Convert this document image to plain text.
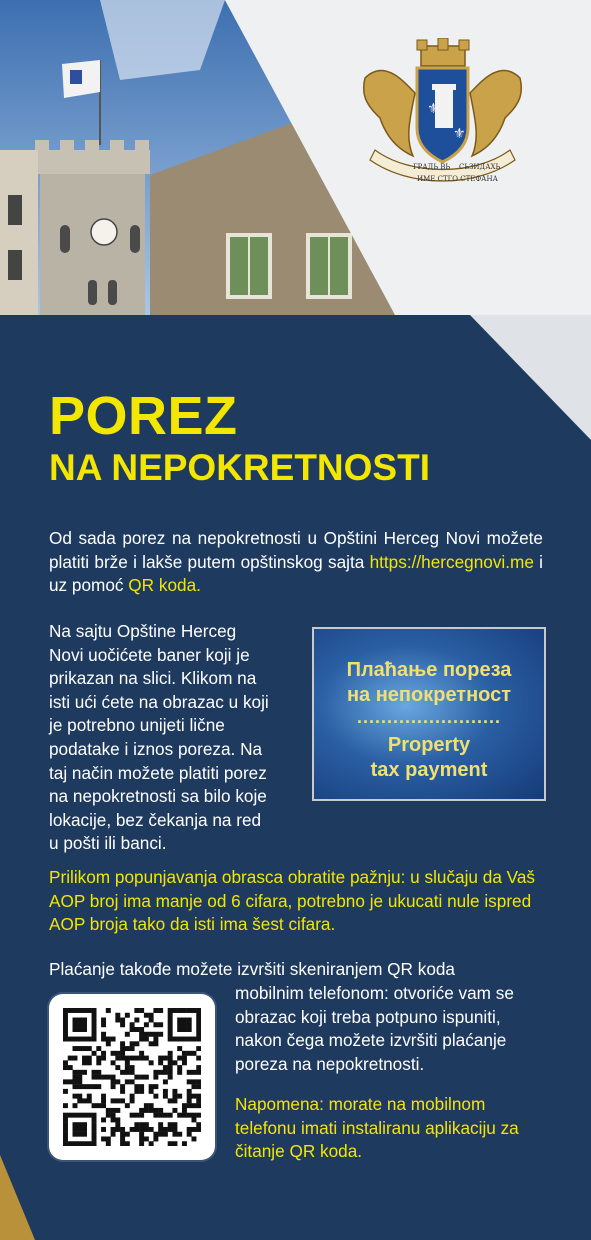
⚜
⚜
ГРАДЬ ВЬ СЬЗИДАХЬ
ИМЕ СТГО СТЕФАНА
POREZ
NA NEPOKRETNOSTI
Od sada porez na nepokretnosti u Opštini Herceg Novi možete platiti brže i lakše putem opštinskog sajta https://hercegnovi.me i uz pomoć QR koda.
Na sajtu Opštine Herceg Novi uočićete baner koji je prikazan na slici. Klikom na isti ući ćete na obrazac u koji je potrebno unijeti lične podatake i iznos poreza. Na taj način možete platiti porez na nepokretnosti sa bilo koje lokacije, bez čekanja na red u pošti ili banci.
Плаћање пореза
на непокретност
........................
Property
tax payment
Prilikom popunjavanja obrasca obratite pažnju: u slučaju da Vaš AOP broj ima manje od 6 cifara, potrebno je ukucati nule ispred AOP broja tako da isti ima šest cifara.
Plaćanje takođe možete izvršiti skeniranjem QR koda
mobilnim telefonom: otvoriće vam se obrazac koji treba potpuno ispuniti, nakon čega možete izvršiti plaćanje poreza na nepokretnosti.
Napomena: morate na mobilnom telefonu imati instaliranu aplikaciju za čitanje QR koda.
